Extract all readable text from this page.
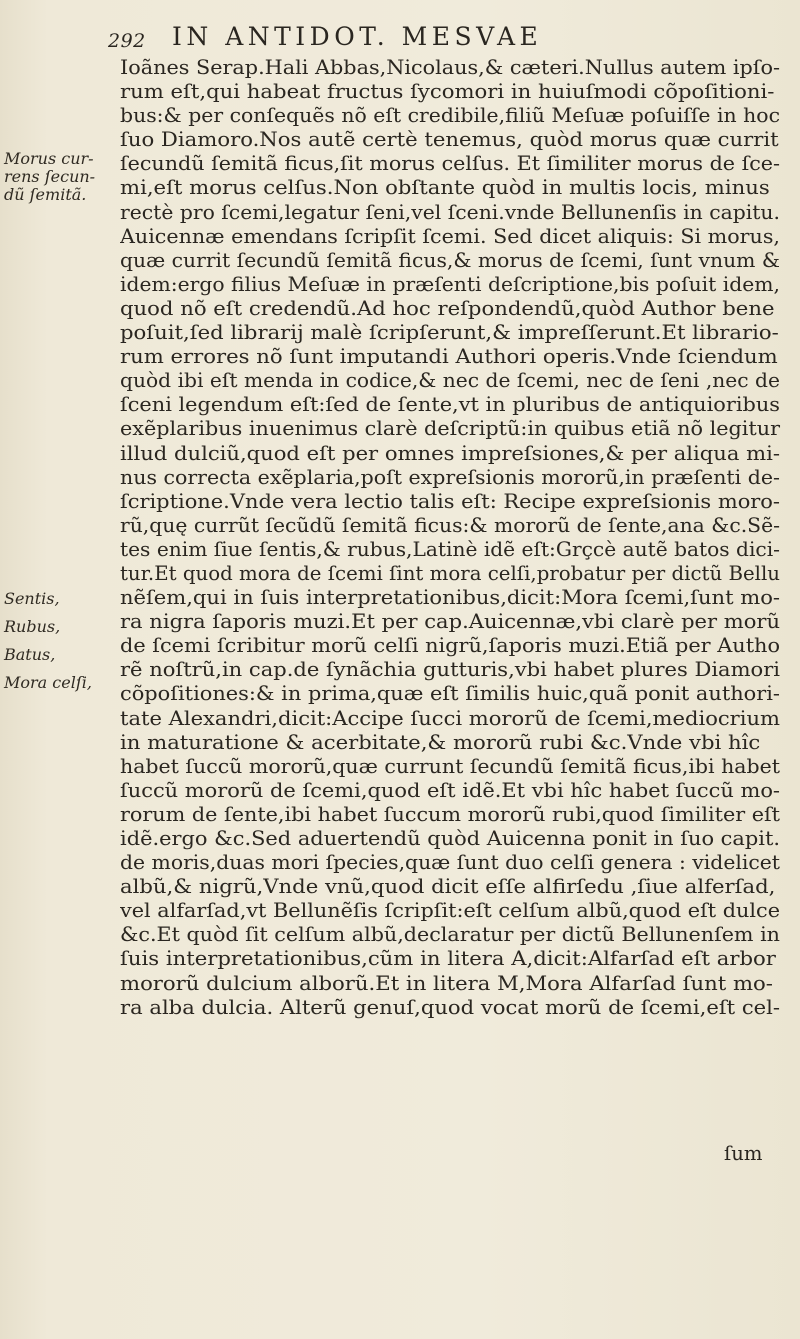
292 IN ANTIDOT. MESVAE
Morus cur-
rens ſecun-
dũ ſemitã.
Sentis,
Rubus,
Batus,
Mora celſi,
Ioãnes Serap.Hali Abbas,Nicolaus,& cæteri.Nullus autem ipſo-
rum eſt,qui habeat fructus ſycomori in huiuſmodi cõpoſitioni-
bus:& per conſequẽs nõ eſt credibile,filiũ Meſuæ poſuiſſe in hoc
ſuo Diamoro.Nos autẽ certè tenemus, quòd morus quæ currit
ſecundũ ſemitã ficus,ſit morus celſus. Et ſimiliter morus de ſce-
mi,eſt morus celſus.Non obſtante quòd in multis locis, minus
rectè pro ſcemi,legatur ſeni,vel ſceni.vnde Bellunenſis in capitu.
Auicennæ emendans ſcripſit ſcemi. Sed dicet aliquis: Si morus,
quæ currit ſecundũ ſemitã ficus,& morus de ſcemi, ſunt vnum &
idem:ergo filius Meſuæ in præſenti deſcriptione,bis poſuit idem,
quod nõ eſt credendũ.Ad hoc reſpondendũ,quòd Author bene
poſuit,ſed librarij malè ſcripſerunt,& impreſſerunt.Et librario-
rum errores nõ ſunt imputandi Authori operis.Vnde ſciendum
quòd ibi eſt menda in codice,& nec de ſcemi, nec de ſeni ,nec de
ſceni legendum eſt:ſed de ſente,vt in pluribus de antiquioribus
exẽplaribus inuenimus clarè deſcriptũ:in quibus etiã nõ legitur
illud dulciũ,quod eſt per omnes impreſsiones,& per aliqua mi-
nus correcta exẽplaria,poſt expreſsionis mororũ,in præſenti de-
ſcriptione.Vnde vera lectio talis eſt: Recipe expreſsionis moro-
rũ,quę currũt ſecũdũ ſemitã ficus:& mororũ de ſente,ana &c.Sẽ-
tes enim ſiue ſentis,& rubus,Latinè idẽ eſt:Grçcè autẽ batos dici-
tur.Et quod mora de ſcemi ſint mora celſi,probatur per dictũ Bellu
nẽſem,qui in ſuis interpretationibus,dicit:Mora ſcemi,ſunt mo-
ra nigra ſaporis muzi.Et per cap.Auicennæ,vbi clarè per morũ
de ſcemi ſcribitur morũ celſi nigrũ,ſaporis muzi.Etiã per Autho
rẽ noſtrũ,in cap.de ſynãchia gutturis,vbi habet plures Diamori
cõpoſitiones:& in prima,quæ eſt ſimilis huic,quã ponit authori-
tate Alexandri,dicit:Accipe ſucci mororũ de ſcemi,mediocrium
in maturatione & acerbitate,& mororũ rubi &c.Vnde vbi hîc
habet ſuccũ mororũ,quæ currunt ſecundũ ſemitã ficus,ibi habet
ſuccũ mororũ de ſcemi,quod eſt idẽ.Et vbi hîc habet ſuccũ mo-
rorum de ſente,ibi habet ſuccum mororũ rubi,quod ſimiliter eſt
idẽ.ergo &c.Sed aduertendũ quòd Auicenna ponit in ſuo capit.
de moris,duas mori ſpecies,quæ ſunt duo celſi genera : videlicet
albũ,& nigrũ,Vnde vnũ,quod dicit eſſe alfirſedu ,ſiue alferſad,
vel alfarſad,vt Bellunẽſis ſcripſit:eſt celſum albũ,quod eſt dulce
&c.Et quòd ſit celſum albũ,declaratur per dictũ Bellunenſem in
ſuis interpretationibus,cũm in litera A,dicit:Alfarſad eſt arbor
mororũ dulcium alborũ.Et in litera M,Mora Alfarſad ſunt mo-
ra alba dulcia. Alterũ genuſ,quod vocat morũ de ſcemi,eſt cel-
ſum
